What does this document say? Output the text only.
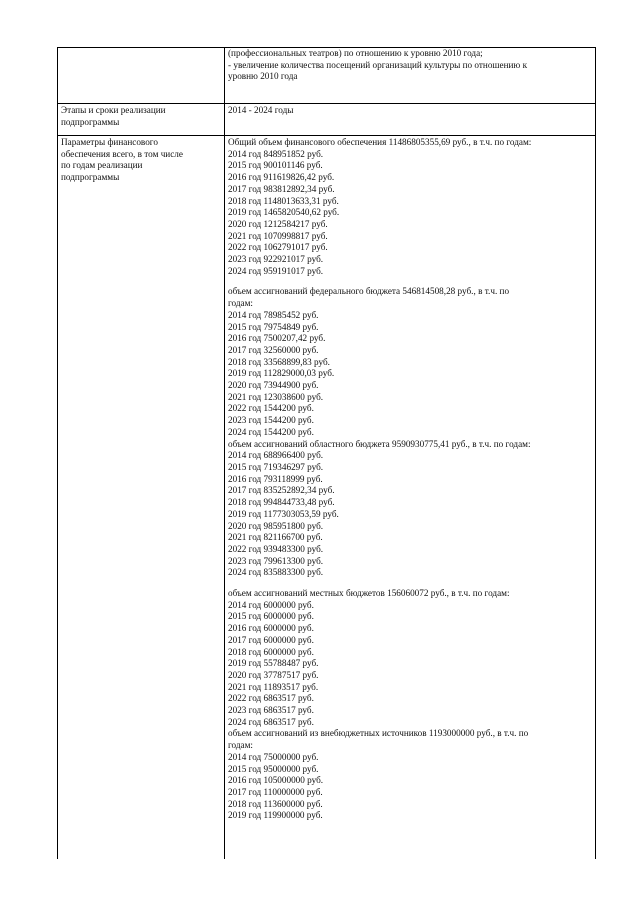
(профессиональных театров) по отношению к уровню 2010 года;
- увеличение количества посещений организаций культуры по отношению к
уровню 2010 года
Этапы и сроки реализации
подпрограммы
2014 - 2024 годы
Параметры финансового
обеспечения всего, в том числе
по годам реализации
подпрограммы
Общий объем финансового обеспечения 11486805355,69 руб., в т.ч. по годам:
2014 год 848951852 руб.
2015 год 900101146 руб.
2016 год 911619826,42 руб.
2017 год 983812892,34 руб.
2018 год 1148013633,31 руб.
2019 год 1465820540,62 руб.
2020 год 1212584217 руб.
2021 год 1070998817 руб.
2022 год 1062791017 руб.
2023 год 922921017 руб.
2024 год 959191017 руб.
объем ассигнований федерального бюджета 546814508,28 руб., в т.ч. по
годам:
2014 год 78985452 руб.
2015 год 79754849 руб.
2016 год 7500207,42 руб.
2017 год 32560000 руб.
2018 год 33568899,83 руб.
2019 год 112829000,03 руб.
2020 год 73944900 руб.
2021 год 123038600 руб.
2022 год 1544200 руб.
2023 год 1544200 руб.
2024 год 1544200 руб.
объем ассигнований областного бюджета 9590930775,41 руб., в т.ч. по годам:
2014 год 688966400 руб.
2015 год 719346297 руб.
2016 год 793118999 руб.
2017 год 835252892,34 руб.
2018 год 994844733,48 руб.
2019 год 1177303053,59 руб.
2020 год 985951800 руб.
2021 год 821166700 руб.
2022 год 939483300 руб.
2023 год 799613300 руб.
2024 год 835883300 руб.
объем ассигнований местных бюджетов 156060072 руб., в т.ч. по годам:
2014 год 6000000 руб.
2015 год 6000000 руб.
2016 год 6000000 руб.
2017 год 6000000 руб.
2018 год 6000000 руб.
2019 год 55788487 руб.
2020 год 37787517 руб.
2021 год 11893517 руб.
2022 год 6863517 руб.
2023 год 6863517 руб.
2024 год 6863517 руб.
объем ассигнований из внебюджетных источников 1193000000 руб., в т.ч. по
годам:
2014 год 75000000 руб.
2015 год 95000000 руб.
2016 год 105000000 руб.
2017 год 110000000 руб.
2018 год 113600000 руб.
2019 год 119900000 руб.
